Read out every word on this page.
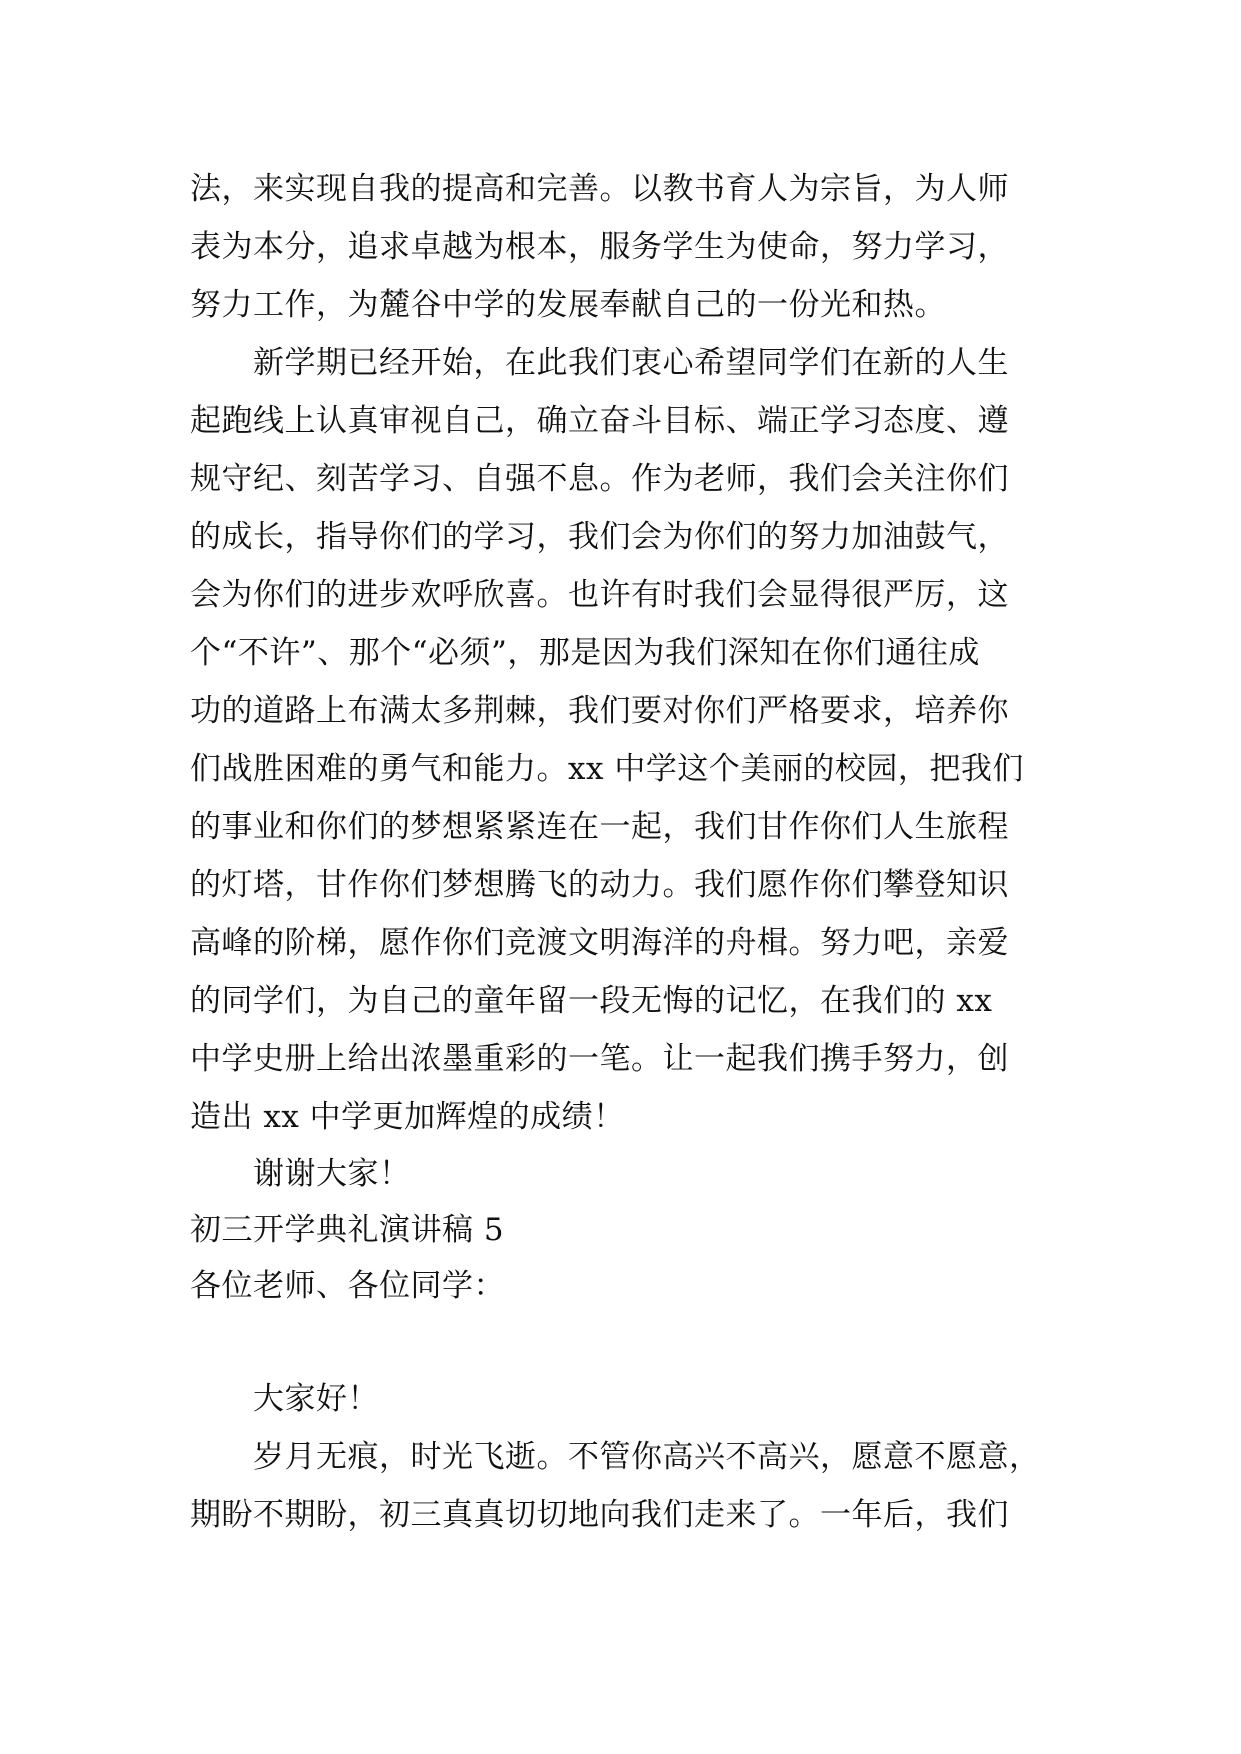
法，来实现自我的提高和完善。以教书育人为宗旨，为人师
表为本分，追求卓越为根本，服务学生为使命，努力学习，
努力工作，为麓谷中学的发展奉献自己的一份光和热。
新学期已经开始，在此我们衷心希望同学们在新的人生
起跑线上认真审视自己，确立奋斗目标、端正学习态度、遵
规守纪、刻苦学习、自强不息。作为老师，我们会关注你们
的成长，指导你们的学习，我们会为你们的努力加油鼓气，
会为你们的进步欢呼欣喜。也许有时我们会显得很严厉，这
个“不许”、那个“必须”，那是因为我们深知在你们通往成
功的道路上布满太多荆棘，我们要对你们严格要求，培养你
们战胜困难的勇气和能力。xx 中学这个美丽的校园，把我们
的事业和你们的梦想紧紧连在一起，我们甘作你们人生旅程
的灯塔，甘作你们梦想腾飞的动力。我们愿作你们攀登知识
高峰的阶梯，愿作你们竞渡文明海洋的舟楫。努力吧，亲爱
的同学们，为自己的童年留一段无悔的记忆，在我们的 xx
中学史册上给出浓墨重彩的一笔。让一起我们携手努力，创
造出 xx 中学更加辉煌的成绩！
谢谢大家！
初三开学典礼演讲稿 5
各位老师、各位同学：
大家好！
岁月无痕，时光飞逝。不管你高兴不高兴，愿意不愿意，
期盼不期盼，初三真真切切地向我们走来了。一年后，我们
